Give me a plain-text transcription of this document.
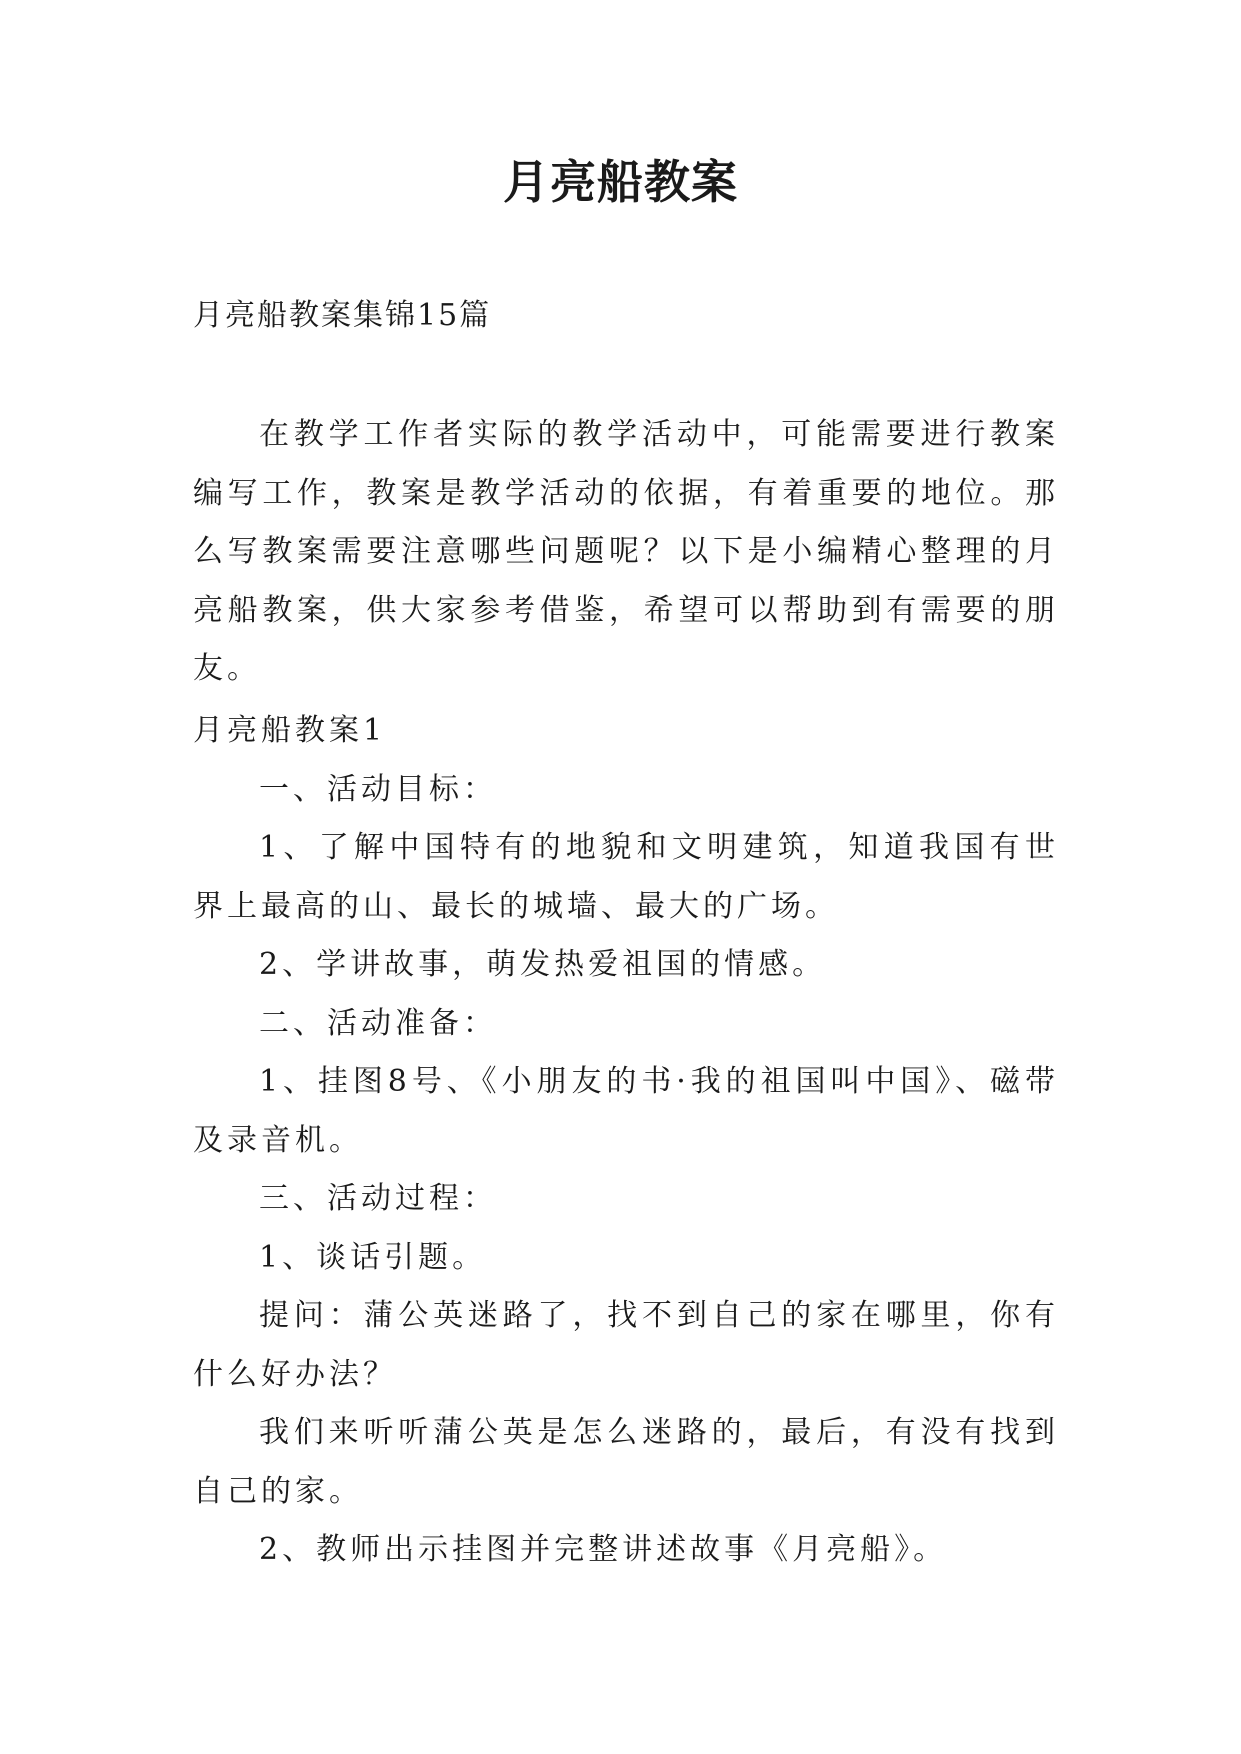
月亮船教案

月亮船教案集锦15篇

在教学工作者实际的教学活动中，可能需要进行教案编写工作，教案是教学活动的依据，有着重要的地位。那么写教案需要注意哪些问题呢？以下是小编精心整理的月亮船教案，供大家参考借鉴，希望可以帮助到有需要的朋友。

月亮船教案1

一、活动目标：

1、了解中国特有的地貌和文明建筑，知道我国有世界上最高的山、最长的城墙、最大的广场。

2、学讲故事，萌发热爱祖国的情感。

二、活动准备：

1、挂图8号、《小朋友的书·我的祖国叫中国》、磁带及录音机。

三、活动过程：

1、谈话引题。

提问：蒲公英迷路了，找不到自己的家在哪里，你有什么好办法？

我们来听听蒲公英是怎么迷路的，最后，有没有找到自己的家。

2、教师出示挂图并完整讲述故事《月亮船》。
